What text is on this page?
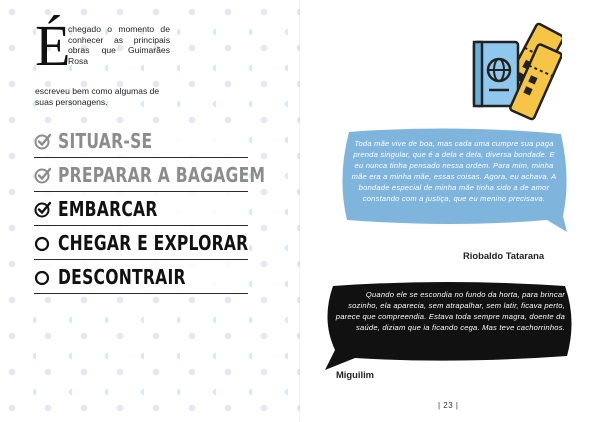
SITUAR-SE
PREPARAR A BAGAGEM
EMBARCAR
CHEGAR E EXPLORAR
DESCONTRAIR
É
chegado o momento de conhecer as principais obras que Guimarães Rosa
escreveu bem como algumas de suas personagens.
Toda mãe vive de boa, mas cada uma cumpre sua paga prenda singular, que é a dela e dela, diversa bondade. E eu nunca tinha pensado nessa ordem. Para mim, minha mãe era a minha mãe, essas coisas. Agora, eu achava. A bondade especial de minha mãe tinha sido a de amor constando com a justiça, que eu menino precisava.
Riobaldo Tatarana
Quando ele se escondia no fundo da horta, para brincar sozinho, ela aparecia, sem atrapalhar, sem latir, ficava perto, parece que compreendia. Estava toda sempre magra, doente da saúde, diziam que ia ficando cega. Mas teve cachorrinhos.
Miguilim
| 23 |
